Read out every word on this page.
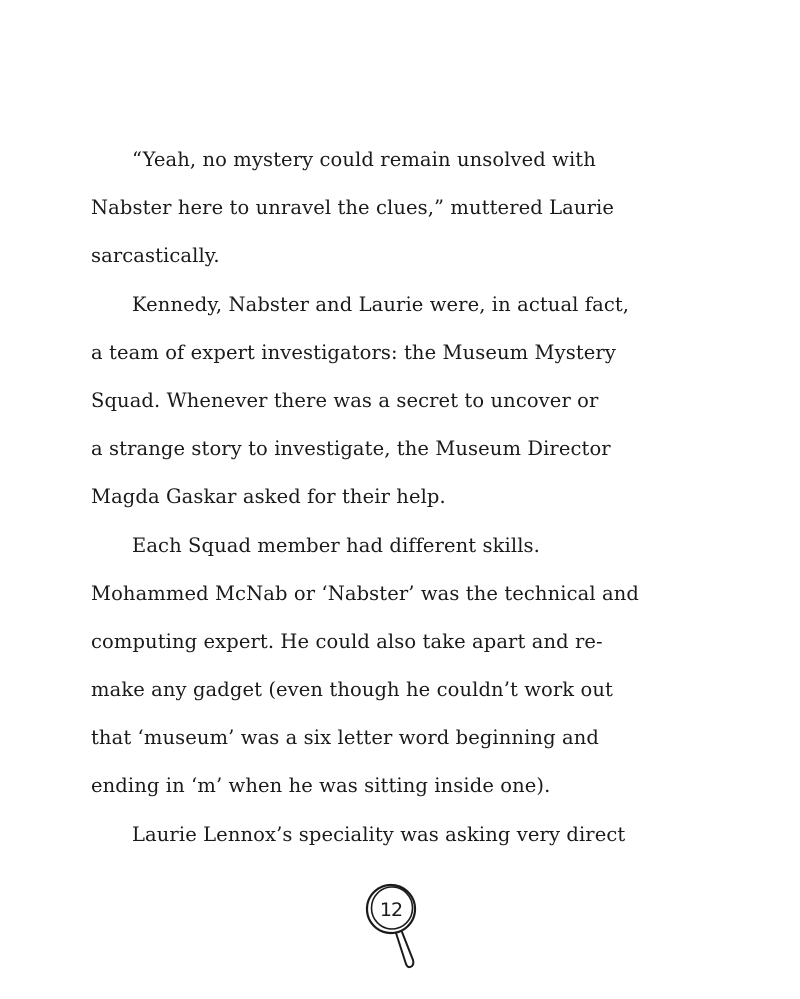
“Yeah, no mystery could remain unsolved with
Nabster here to unravel the clues,” muttered Laurie
sarcastically.
Kennedy, Nabster and Laurie were, in actual fact,
a team of expert investigators: the Museum Mystery
Squad. Whenever there was a secret to uncover or
a strange story to investigate, the Museum Director
Magda Gaskar asked for their help.
Each Squad member had different skills.
Mohammed McNab or ‘Nabster’ was the technical and
computing expert. He could also take apart and re-
make any gadget (even though he couldn’t work out
that ‘museum’ was a six letter word beginning and
ending in ‘m’ when he was sitting inside one).
Laurie Lennox’s speciality was asking very direct
12
